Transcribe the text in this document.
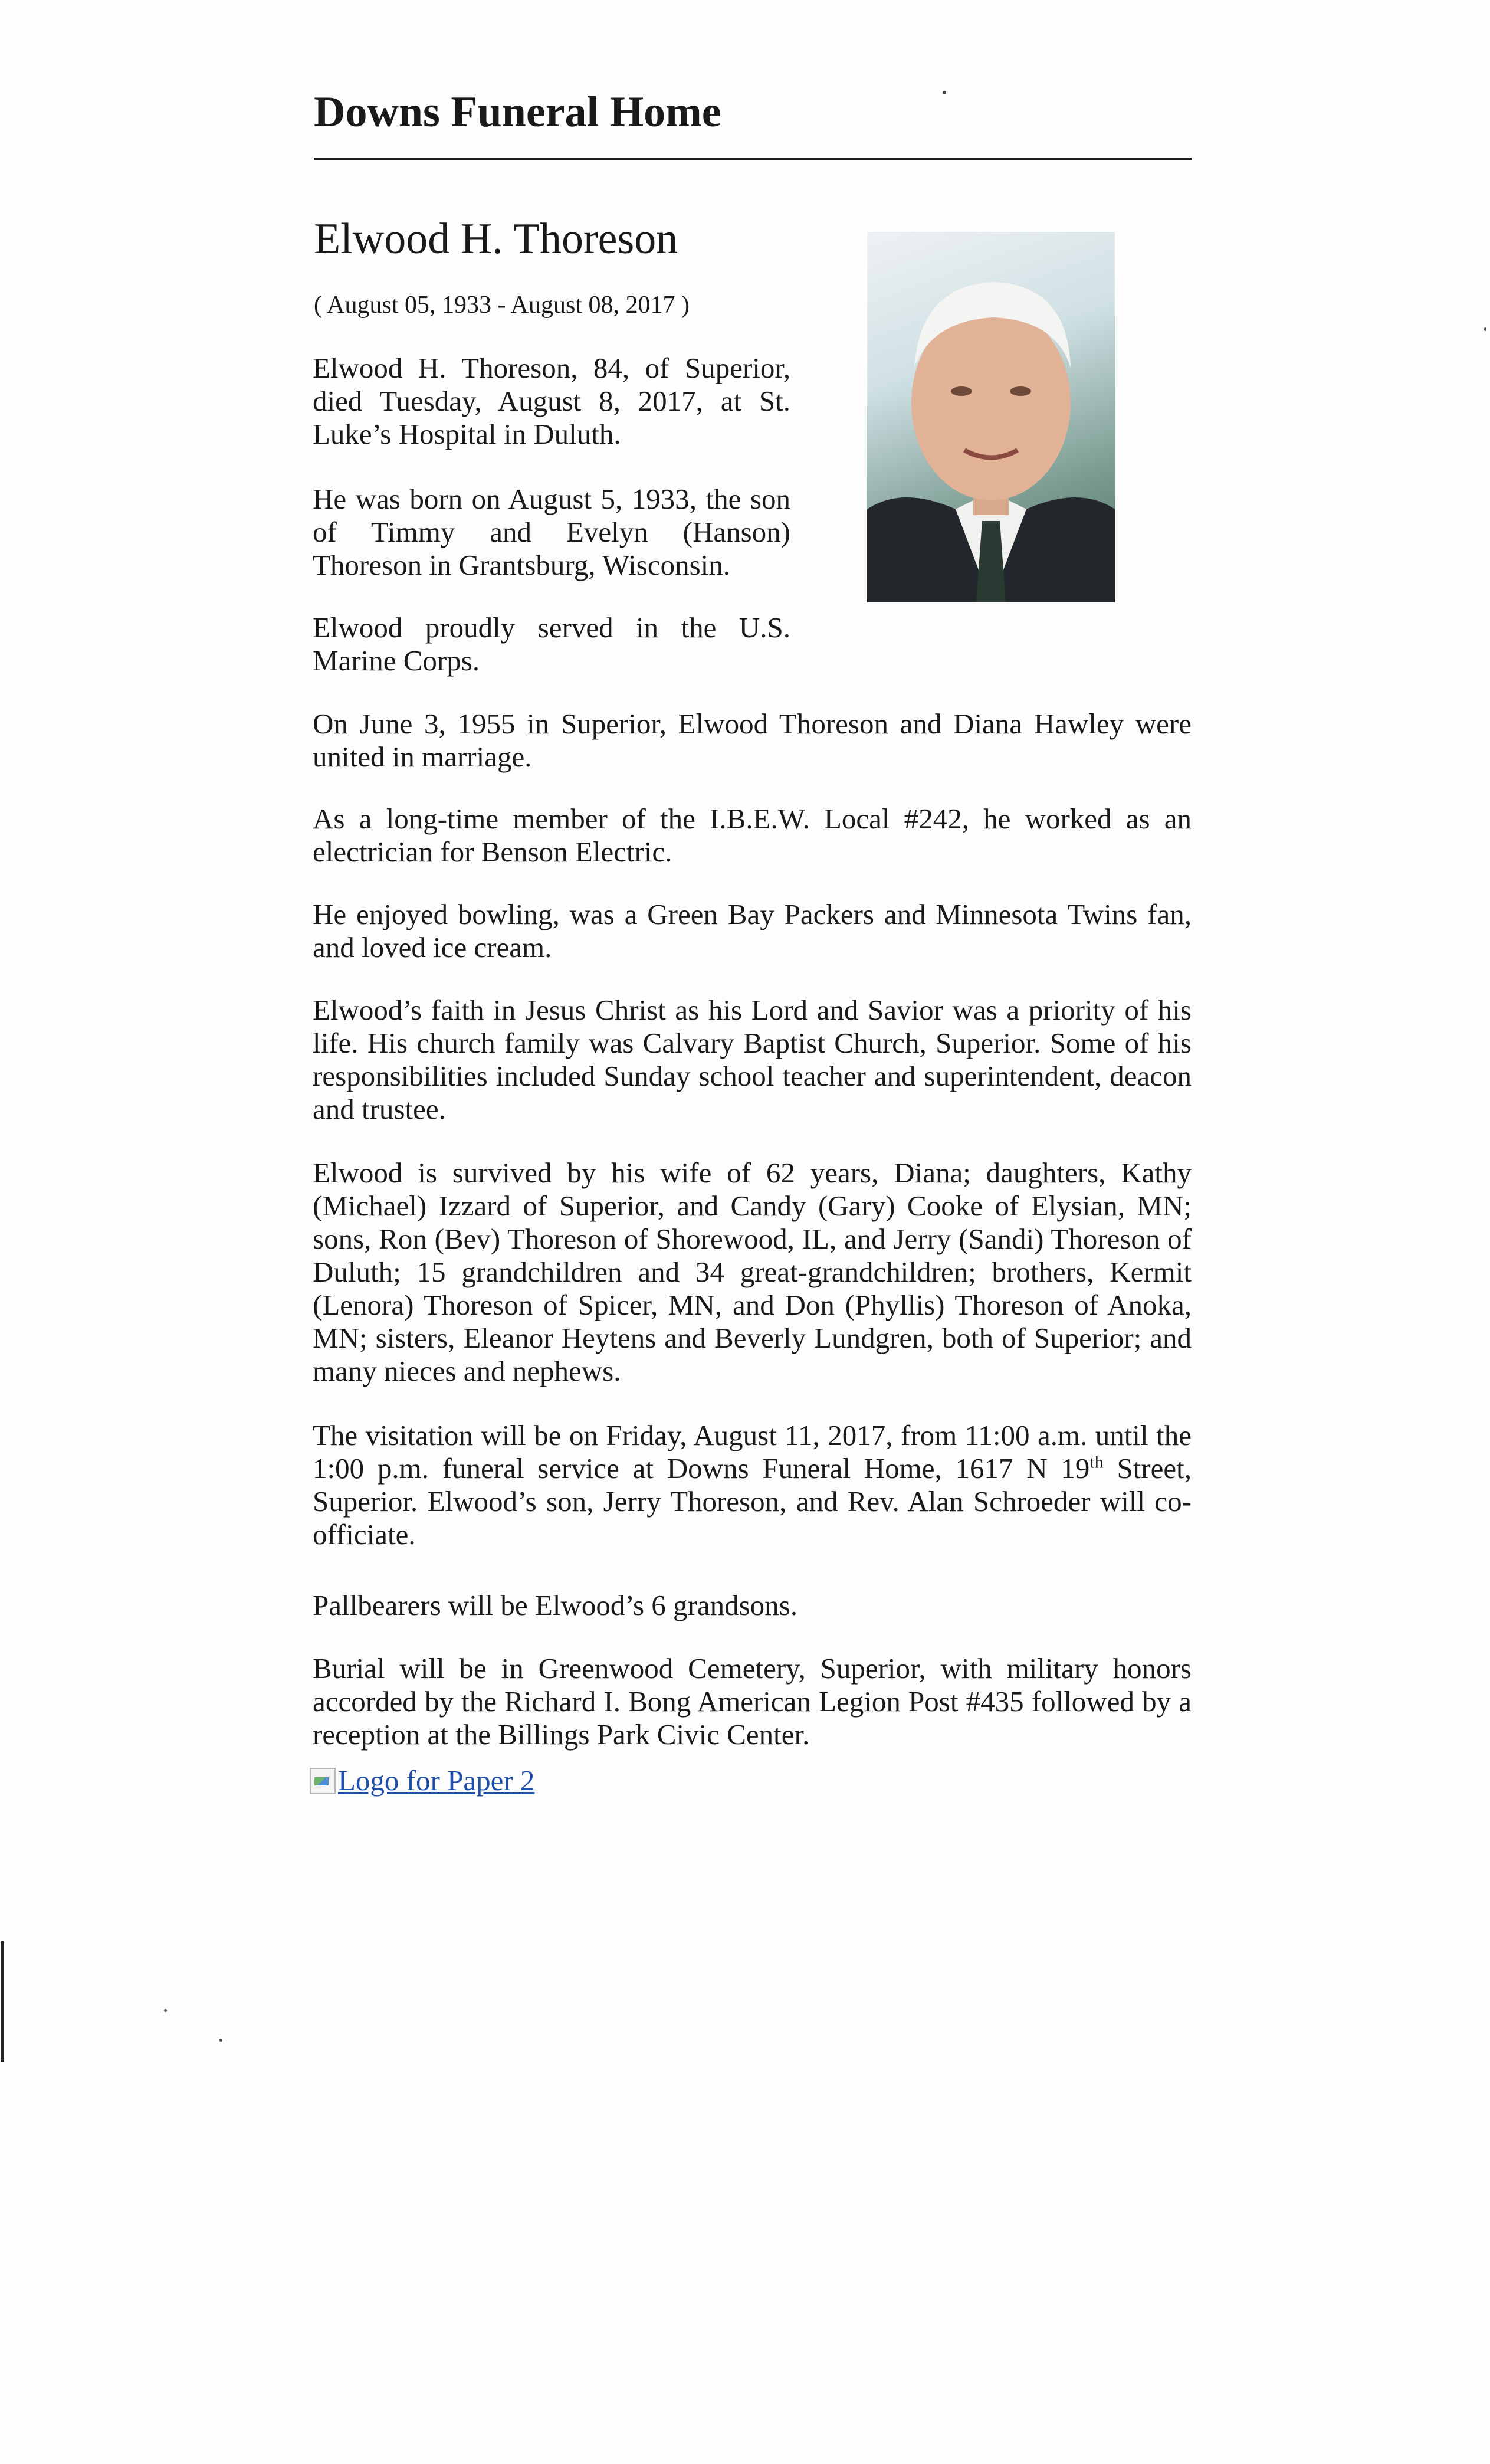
Downs Funeral Home
Elwood H. Thoreson

( August 05, 1933 - August 08, 2017 )

Elwood H. Thoreson, 84, of Superior, died Tuesday, August 8, 2017, at St. Luke’s Hospital in Duluth.

He was born on August 5, 1933, the son of Timmy and Evelyn (Hanson) Thoreson in Grantsburg, Wisconsin.

Elwood proudly served in the U.S. Marine Corps.

On June 3, 1955 in Superior, Elwood Thoreson and Diana Hawley were united in marriage.

As a long-time member of the I.B.E.W. Local #242, he worked as an electrician for Benson Electric.

He enjoyed bowling, was a Green Bay Packers and Minnesota Twins fan, and loved ice cream.

Elwood’s faith in Jesus Christ as his Lord and Savior was a priority of his life. His church family was Calvary Baptist Church, Superior. Some of his responsibilities included Sunday school teacher and superintendent, deacon and trustee.

Elwood is survived by his wife of 62 years, Diana; daughters, Kathy (Michael) Izzard of Superior, and Candy (Gary) Cooke of Elysian, MN; sons, Ron (Bev) Thoreson of Shorewood, IL, and Jerry (Sandi) Thoreson of Duluth; 15 grandchildren and 34 great-grandchildren; brothers, Kermit (Lenora) Thoreson of Spicer, MN, and Don (Phyllis) Thoreson of Anoka, MN; sisters, Eleanor Heytens and Beverly Lundgren, both of Superior; and many nieces and nephews.

The visitation will be on Friday, August 11, 2017, from 11:00 a.m. until the 1:00 p.m. funeral service at Downs Funeral Home, 1617 N 19th Street, Superior. Elwood’s son, Jerry Thoreson, and Rev. Alan Schroeder will co-officiate.

Pallbearers will be Elwood’s 6 grandsons.

Burial will be in Greenwood Cemetery, Superior, with military honors accorded by the Richard I. Bong American Legion Post #435 followed by a reception at the Billings Park Civic Center.

Logo for Paper 2
